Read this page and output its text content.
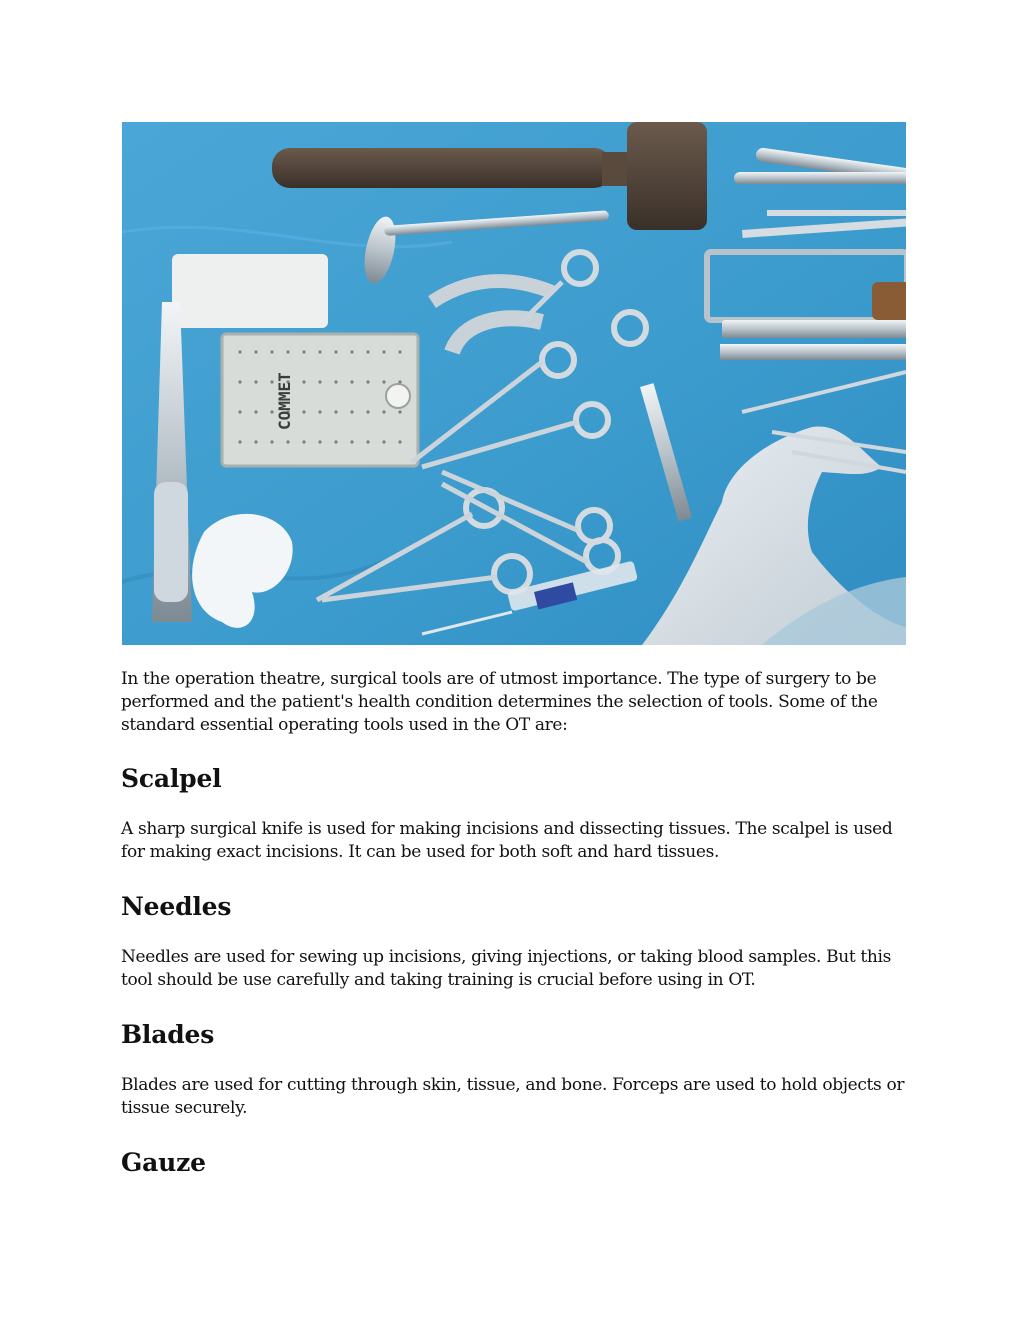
COMMET

In the operation theatre, surgical tools are of utmost importance. The type of surgery to be performed and the patient's health condition determines the selection of tools. Some of the standard essential operating tools used in the OT are:

Scalpel

A sharp surgical knife is used for making incisions and dissecting tissues. The scalpel is used for making exact incisions. It can be used for both soft and hard tissues.

Needles

Needles are used for sewing up incisions, giving injections, or taking blood samples. But this tool should be use carefully and taking training is crucial before using in OT.

Blades

Blades are used for cutting through skin, tissue, and bone. Forceps are used to hold objects or tissue securely.

Gauze
